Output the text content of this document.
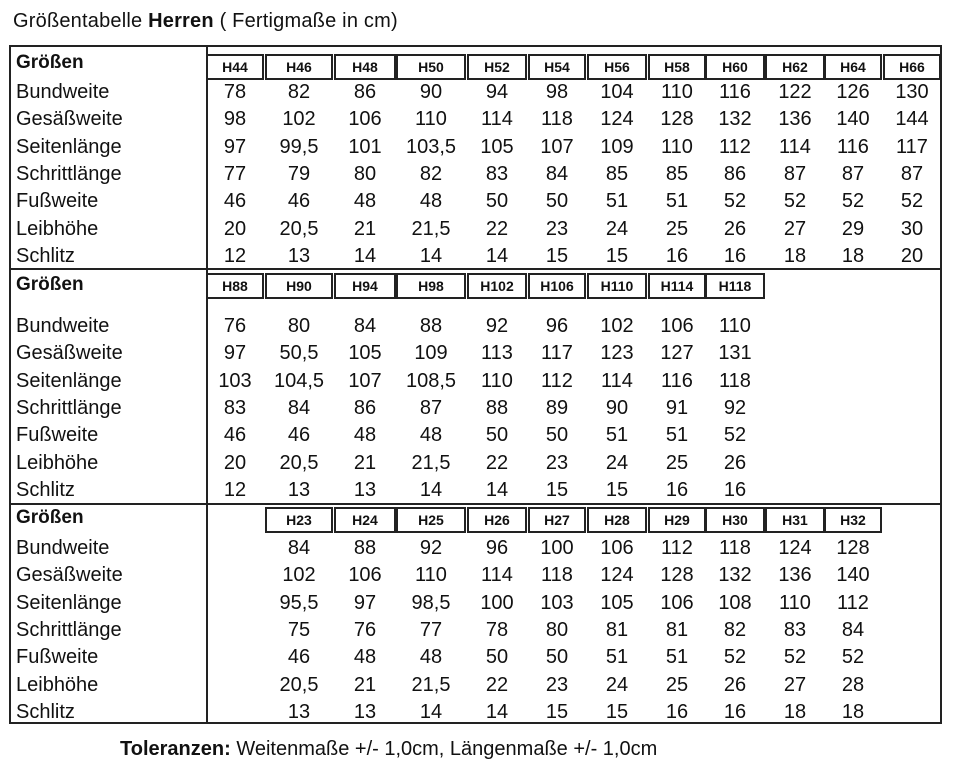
Größentabelle Herren ( Fertigmaße in cm)
Größen	H44	H46	H48	H50	H52	H54	H56	H58	H60	H62	H64	H66
Bundweite	78	82	86	90	94	98	104	110	116	122	126	130
Gesäßweite	98	102	106	110	114	118	124	128	132	136	140	144
Seitenlänge	97	99,5	101	103,5	105	107	109	110	112	114	116	117
Schrittlänge	77	79	80	82	83	84	85	85	86	87	87	87
Fußweite	46	46	48	48	50	50	51	51	52	52	52	52
Leibhöhe	20	20,5	21	21,5	22	23	24	25	26	27	29	30
Schlitz	12	13	14	14	14	15	15	16	16	18	18	20
Größen	H88	H90	H94	H98	H102	H106	H110	H114	H118
Bundweite	76	80	84	88	92	96	102	106	110
Gesäßweite	97	50,5	105	109	113	117	123	127	131
Seitenlänge	103	104,5	107	108,5	110	112	114	116	118
Schrittlänge	83	84	86	87	88	89	90	91	92
Fußweite	46	46	48	48	50	50	51	51	52
Leibhöhe	20	20,5	21	21,5	22	23	24	25	26
Schlitz	12	13	13	14	14	15	15	16	16
Größen	H23	H24	H25	H26	H27	H28	H29	H30	H31	H32
Bundweite	84	88	92	96	100	106	112	118	124	128
Gesäßweite	102	106	110	114	118	124	128	132	136	140
Seitenlänge	95,5	97	98,5	100	103	105	106	108	110	112
Schrittlänge	75	76	77	78	80	81	81	82	83	84
Fußweite	46	48	48	50	50	51	51	52	52	52
Leibhöhe	20,5	21	21,5	22	23	24	25	26	27	28
Schlitz	13	13	14	14	15	15	16	16	18	18
Toleranzen: Weitenmaße +/- 1,0cm, Längenmaße +/- 1,0cm
